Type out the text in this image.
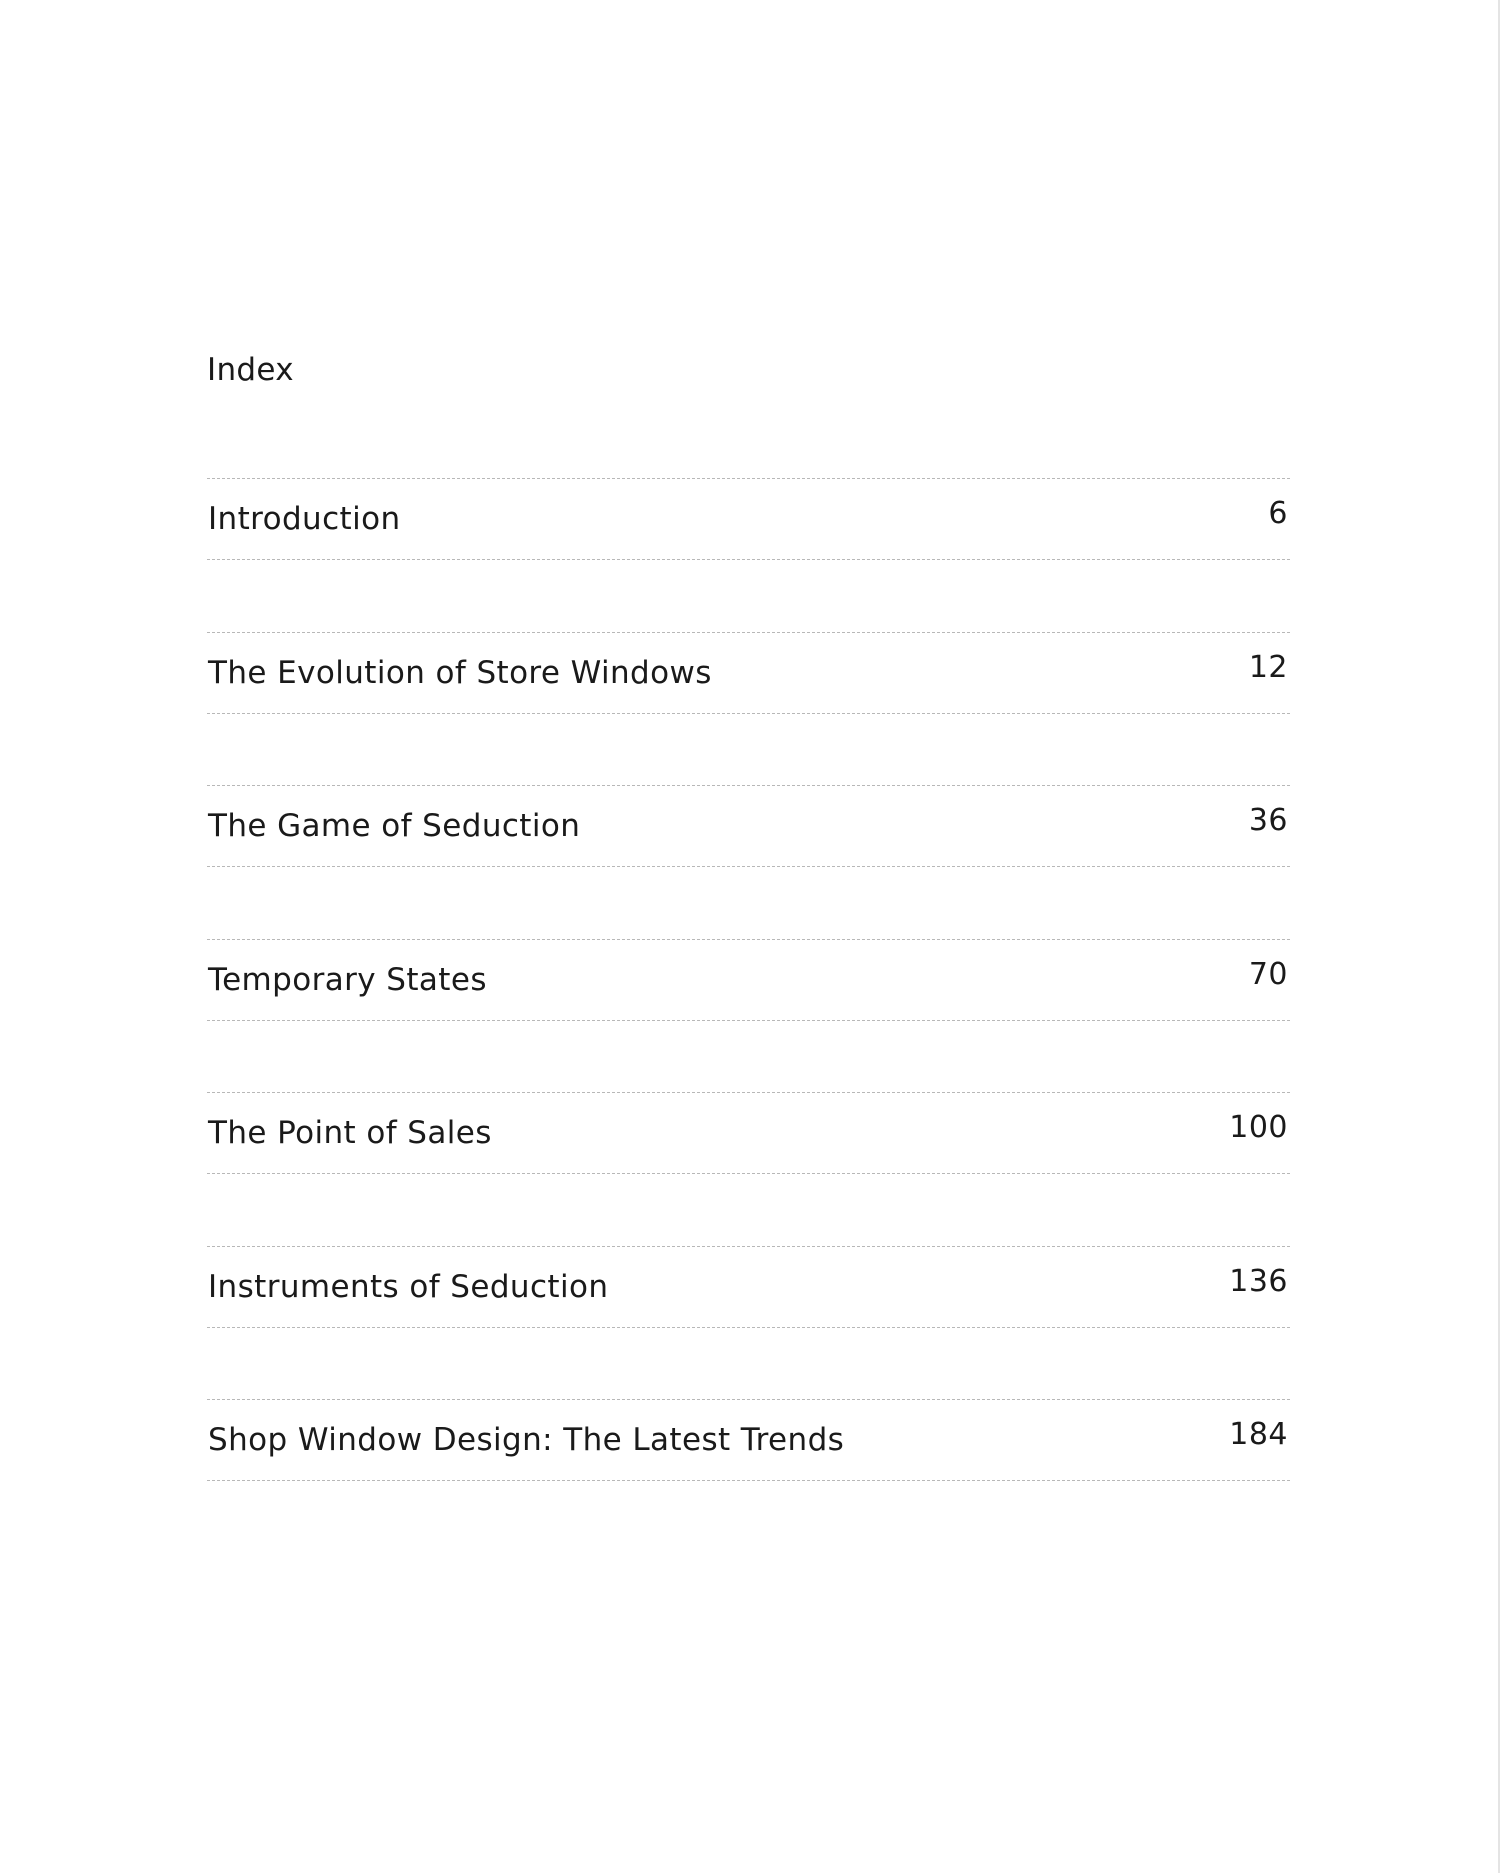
Index
Introduction	6
The Evolution of Store Windows	12
The Game of Seduction	36
Temporary States	70
The Point of Sales	100
Instruments of Seduction	136
Shop Window Design: The Latest Trends	184
